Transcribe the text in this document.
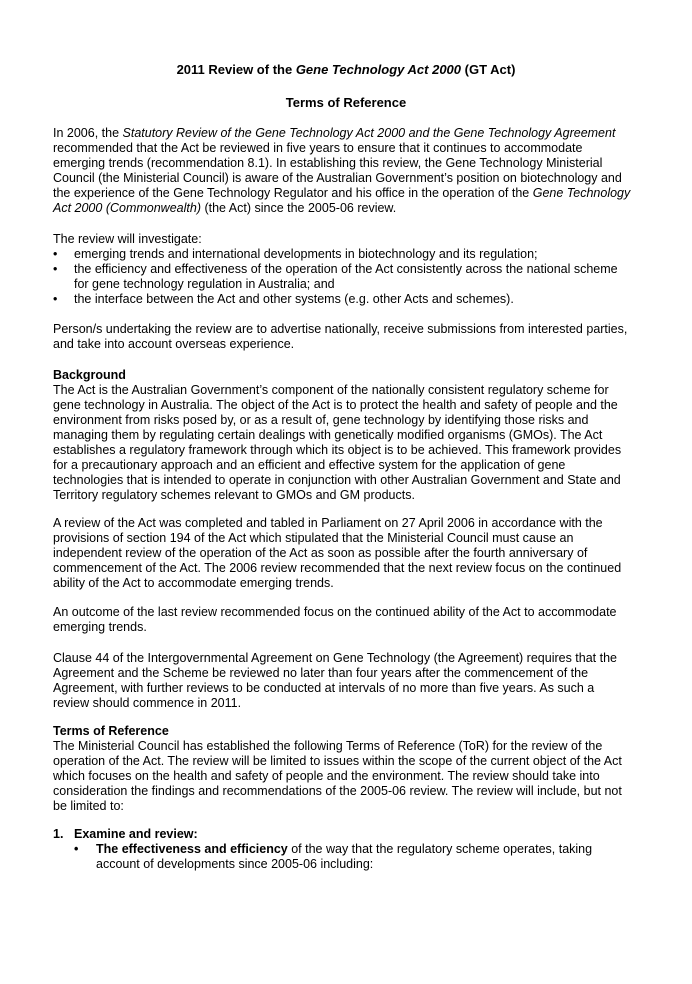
2011 Review of the Gene Technology Act 2000 (GT Act)
Terms of Reference
In 2006, the Statutory Review of the Gene Technology Act 2000 and the Gene Technology Agreement recommended that the Act be reviewed in five years to ensure that it continues to accommodate emerging trends (recommendation 8.1). In establishing this review, the Gene Technology Ministerial Council (the Ministerial Council) is aware of the Australian Government’s position on biotechnology and the experience of the Gene Technology Regulator and his office in the operation of the Gene Technology Act 2000 (Commonwealth) (the Act) since the 2005-06 review.
The review will investigate:
• emerging trends and international developments in biotechnology and its regulation;
• the efficiency and effectiveness of the operation of the Act consistently across the national scheme for gene technology regulation in Australia; and
• the interface between the Act and other systems (e.g. other Acts and schemes).
Person/s undertaking the review are to advertise nationally, receive submissions from interested parties, and take into account overseas experience.
Background
The Act is the Australian Government’s component of the nationally consistent regulatory scheme for gene technology in Australia. The object of the Act is to protect the health and safety of people and the environment from risks posed by, or as a result of, gene technology by identifying those risks and managing them by regulating certain dealings with genetically modified organisms (GMOs). The Act establishes a regulatory framework through which its object is to be achieved. This framework provides for a precautionary approach and an efficient and effective system for the application of gene technologies that is intended to operate in conjunction with other Australian Government and State and Territory regulatory schemes relevant to GMOs and GM products.
A review of the Act was completed and tabled in Parliament on 27 April 2006 in accordance with the provisions of section 194 of the Act which stipulated that the Ministerial Council must cause an independent review of the operation of the Act as soon as possible after the fourth anniversary of commencement of the Act. The 2006 review recommended that the next review focus on the continued ability of the Act to accommodate emerging trends.
An outcome of the last review recommended focus on the continued ability of the Act to accommodate emerging trends.
Clause 44 of the Intergovernmental Agreement on Gene Technology (the Agreement) requires that the Agreement and the Scheme be reviewed no later than four years after the commencement of the Agreement, with further reviews to be conducted at intervals of no more than five years. As such a review should commence in 2011.
Terms of Reference
The Ministerial Council has established the following Terms of Reference (ToR) for the review of the operation of the Act. The review will be limited to issues within the scope of the current object of the Act which focuses on the health and safety of people and the environment. The review should take into consideration the findings and recommendations of the 2005-06 review. The review will include, but not be limited to:
1. Examine and review:
•	The effectiveness and efficiency of the way that the regulatory scheme operates, taking account of developments since 2005-06 including:
